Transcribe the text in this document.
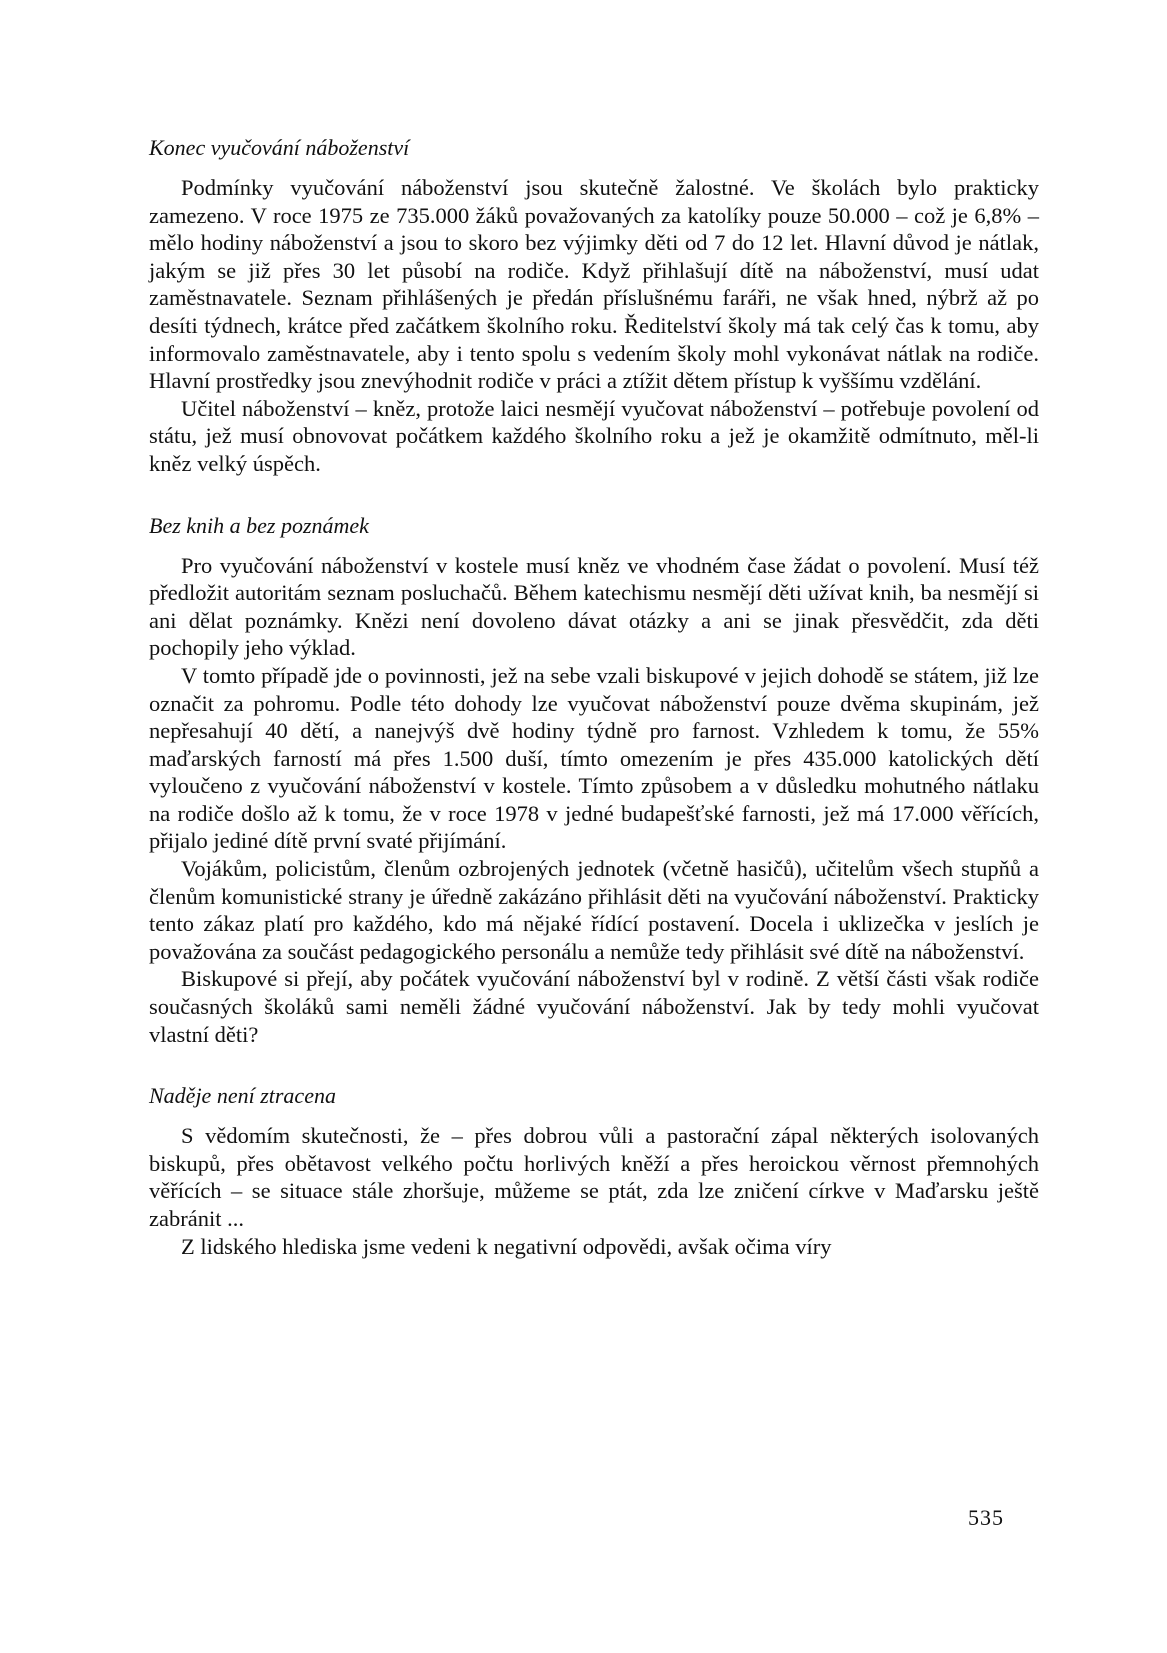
Konec vyučování náboženství

Podmínky vyučování náboženství jsou skutečně žalostné. Ve školách bylo prakticky zamezeno. V roce 1975 ze 735.000 žáků považovaných za katolíky pouze 50.000 – což je 6,8% – mělo hodiny náboženství a jsou to skoro bez výjimky děti od 7 do 12 let. Hlavní důvod je nátlak, jakým se již přes 30 let působí na rodiče. Když přihlašují dítě na náboženství, musí udat zaměstnavatele. Seznam přihlášených je předán příslušnému faráři, ne však hned, nýbrž až po desíti týdnech, krátce před začátkem školního roku. Ředitelství školy má tak celý čas k tomu, aby informovalo zaměstnavatele, aby i tento spolu s vedením školy mohl vykonávat nátlak na rodiče. Hlavní prostředky jsou znevýhodnit rodiče v práci a ztížit dětem přístup k vyššímu vzdělání.

Učitel náboženství – kněz, protože laici nesmějí vyučovat náboženství – potřebuje povolení od státu, jež musí obnovovat počátkem každého školního roku a jež je okamžitě odmítnuto, měl-li kněz velký úspěch.

Bez knih a bez poznámek

Pro vyučování náboženství v kostele musí kněz ve vhodném čase žádat o povolení. Musí též předložit autoritám seznam posluchačů. Během katechismu nesmějí děti užívat knih, ba nesmějí si ani dělat poznámky. Knězi není dovoleno dávat otázky a ani se jinak přesvědčit, zda děti pochopily jeho výklad.

V tomto případě jde o povinnosti, jež na sebe vzali biskupové v jejich dohodě se státem, již lze označit za pohromu. Podle této dohody lze vyučovat náboženství pouze dvěma skupinám, jež nepřesahují 40 dětí, a nanejvýš dvě hodiny týdně pro farnost. Vzhledem k tomu, že 55% maďarských farností má přes 1.500 duší, tímto omezením je přes 435.000 katolických dětí vyloučeno z vyučování náboženství v kostele. Tímto způsobem a v důsledku mohutného nátlaku na rodiče došlo až k tomu, že v roce 1978 v jedné budapešťské farnosti, jež má 17.000 věřících, přijalo jediné dítě první svaté přijímání.

Vojákům, policistům, členům ozbrojených jednotek (včetně hasičů), učitelům všech stupňů a členům komunistické strany je úředně zakázáno přihlásit děti na vyučování náboženství. Prakticky tento zákaz platí pro každého, kdo má nějaké řídící postavení. Docela i uklizečka v jeslích je považována za součást pedagogického personálu a nemůže tedy přihlásit své dítě na náboženství.

Biskupové si přejí, aby počátek vyučování náboženství byl v rodině. Z větší části však rodiče současných školáků sami neměli žádné vyučování náboženství. Jak by tedy mohli vyučovat vlastní děti?

Naděje není ztracena

S vědomím skutečnosti, že – přes dobrou vůli a pastorační zápal některých isolovaných biskupů, přes obětavost velkého počtu horlivých kněží a přes heroickou věrnost přemnohých věřících – se situace stále zhoršuje, můžeme se ptát, zda lze zničení církve v Maďarsku ještě zabránit ...

Z lidského hlediska jsme vedeni k negativní odpovědi, avšak očima víry

535
